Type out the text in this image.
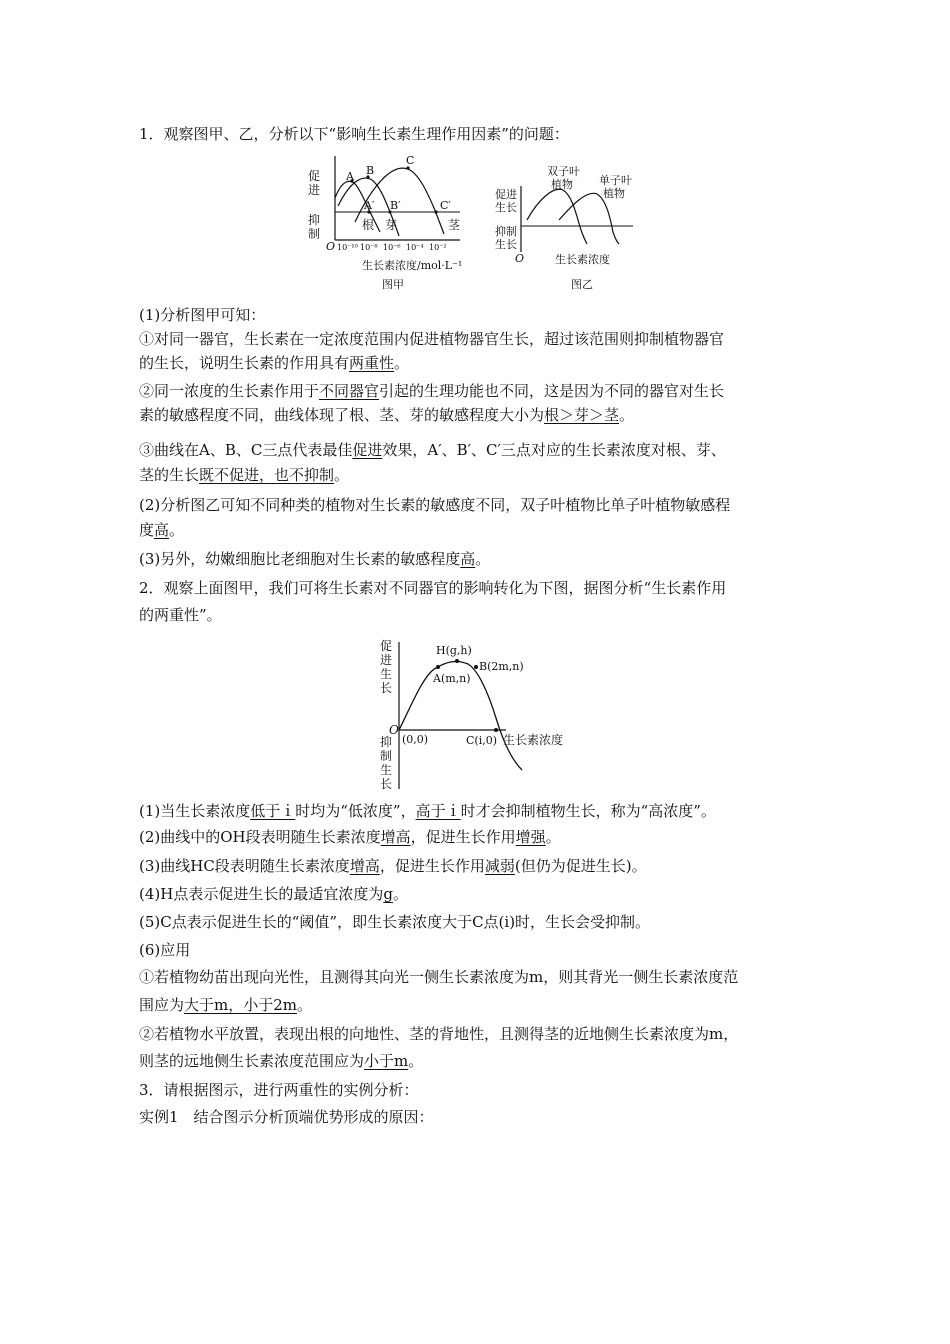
1．观察图甲、乙，分析以下“影响生长素生理作用因素”的问题：
促
进
抑
制
O
A B
C
A′ B′	C′
根 芽	茎
10⁻¹⁰ 10⁻⁸ 10⁻⁶ 10⁻⁴ 10⁻²
生长素浓度/mol·L⁻¹
图甲
促进
生长
抑制
生长
O
双子叶
植物 单子叶
植物
生长素浓度
图乙
(1)分析图甲可知：
①对同一器官，生长素在一定浓度范围内促进植物器官生长，超过该范围则抑制植物器官
的生长，说明生长素的作用具有两重性。
②同一浓度的生长素作用于不同器官引起的生理功能也不同，这是因为不同的器官对生长
素的敏感程度不同，曲线体现了根、茎、芽的敏感程度大小为根＞芽＞茎。
③曲线在A、B、C三点代表最佳促进效果，A′、B′、C′三点对应的生长素浓度对根、芽、
茎的生长既不促进，也不抑制。
(2)分析图乙可知不同种类的植物对生长素的敏感度不同，双子叶植物比单子叶植物敏感程
度高。
(3)另外，幼嫩细胞比老细胞对生长素的敏感程度高。
2．观察上面图甲，我们可将生长素对不同器官的影响转化为下图，据图分析“生长素作用
的两重性”。
促
进
生
长
抑
制
生
长
O
(0,0)
H(g,h)
A(m,n)
B(2m,n)
C(i,0) 生长素浓度
(1)当生长素浓度低于ｉ时均为“低浓度”，高于ｉ时才会抑制植物生长，称为“高浓度”。
(2)曲线中的OH段表明随生长素浓度增高，促进生长作用增强。
(3)曲线HC段表明随生长素浓度增高，促进生长作用减弱(但仍为促进生长)。
(4)H点表示促进生长的最适宜浓度为g。
(5)C点表示促进生长的“阈值”，即生长素浓度大于C点(i)时，生长会受抑制。
(6)应用
①若植物幼苗出现向光性，且测得其向光一侧生长素浓度为m，则其背光一侧生长素浓度范
围应为大于m，小于2m。
②若植物水平放置，表现出根的向地性、茎的背地性，且测得茎的近地侧生长素浓度为m，
则茎的远地侧生长素浓度范围应为小于m。
3．请根据图示，进行两重性的实例分析：
实例1　结合图示分析顶端优势形成的原因：
